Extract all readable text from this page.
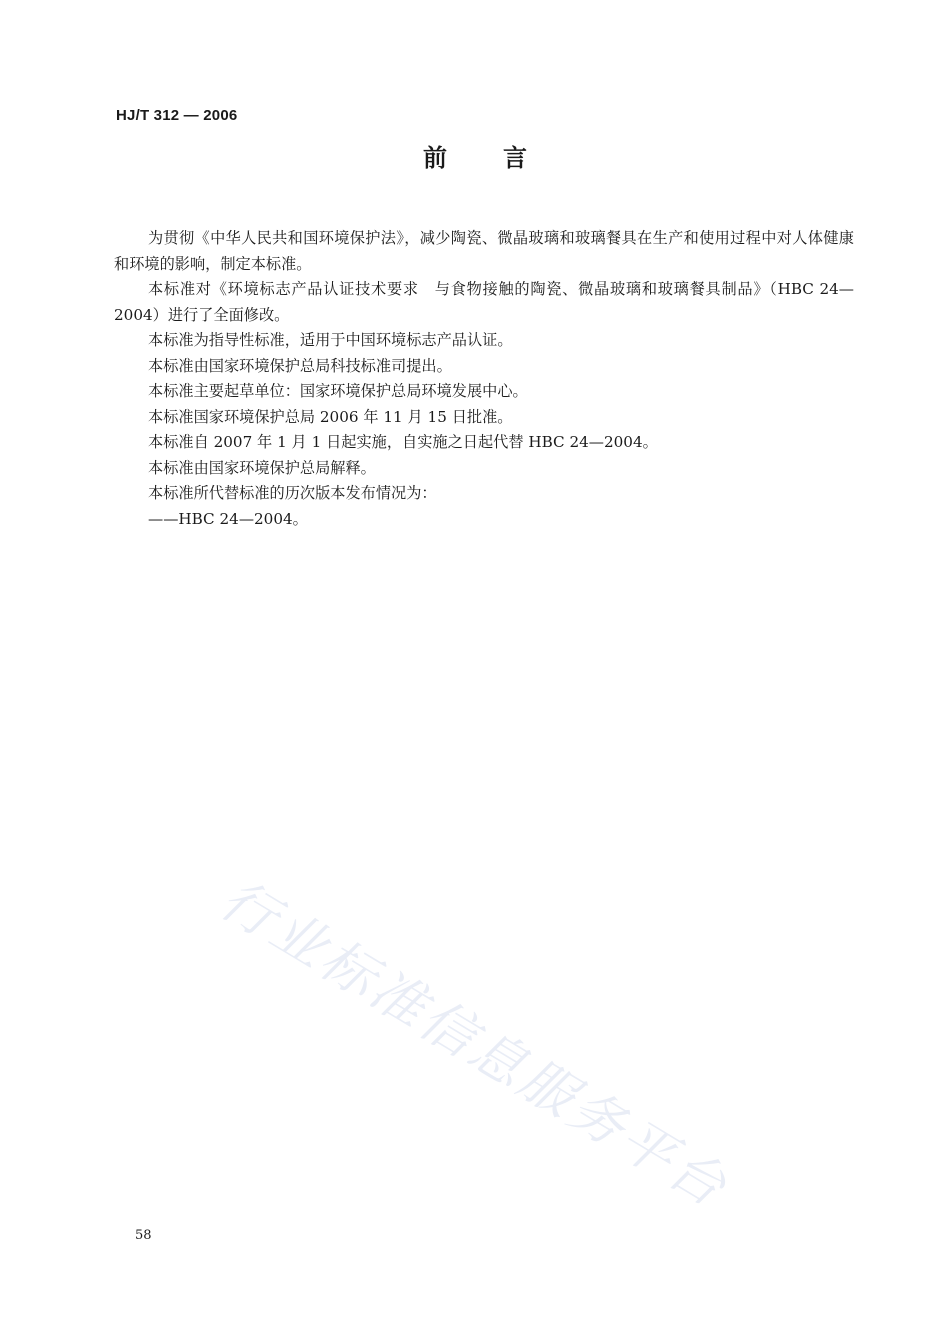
HJ/T 312 — 2006
前言

为贯彻《中华人民共和国环境保护法》，减少陶瓷、微晶玻璃和玻璃餐具在生产和使用过程中对人体健康和环境的影响，制定本标准。

本标准对《环境标志产品认证技术要求　与食物接触的陶瓷、微晶玻璃和玻璃餐具制品》（HBC 24—2004）进行了全面修改。

本标准为指导性标准，适用于中国环境标志产品认证。

本标准由国家环境保护总局科技标准司提出。

本标准主要起草单位：国家环境保护总局环境发展中心。

本标准国家环境保护总局 2006 年 11 月 15 日批准。

本标准自 2007 年 1 月 1 日起实施，自实施之日起代替 HBC 24—2004。

本标准由国家环境保护总局解释。

本标准所代替标准的历次版本发布情况为：

——HBC 24—2004。

行业标准信息服务平台
58
